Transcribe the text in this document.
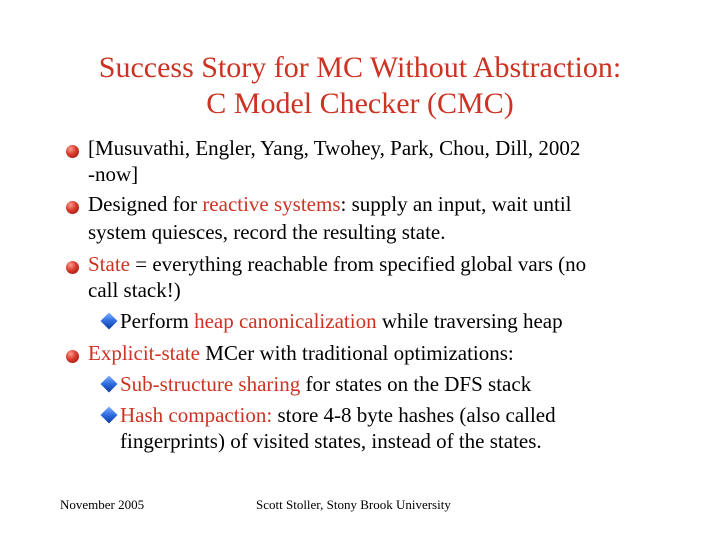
Success Story for MC Without Abstraction:
C Model Checker (CMC)
[Musuvathi, Engler, Yang, Twohey, Park, Chou, Dill, 2002
-now]
Designed for reactive systems: supply an input, wait until
system quiesces, record the resulting state.
State = everything reachable from specified global vars (no
call stack!)
Perform heap canonicalization while traversing heap
Explicit-state MCer with traditional optimizations:
Sub-structure sharing for states on the DFS stack
Hash compaction: store 4-8 byte hashes (also called
fingerprints) of visited states, instead of the states.
November 2005	Scott Stoller, Stony Brook University
